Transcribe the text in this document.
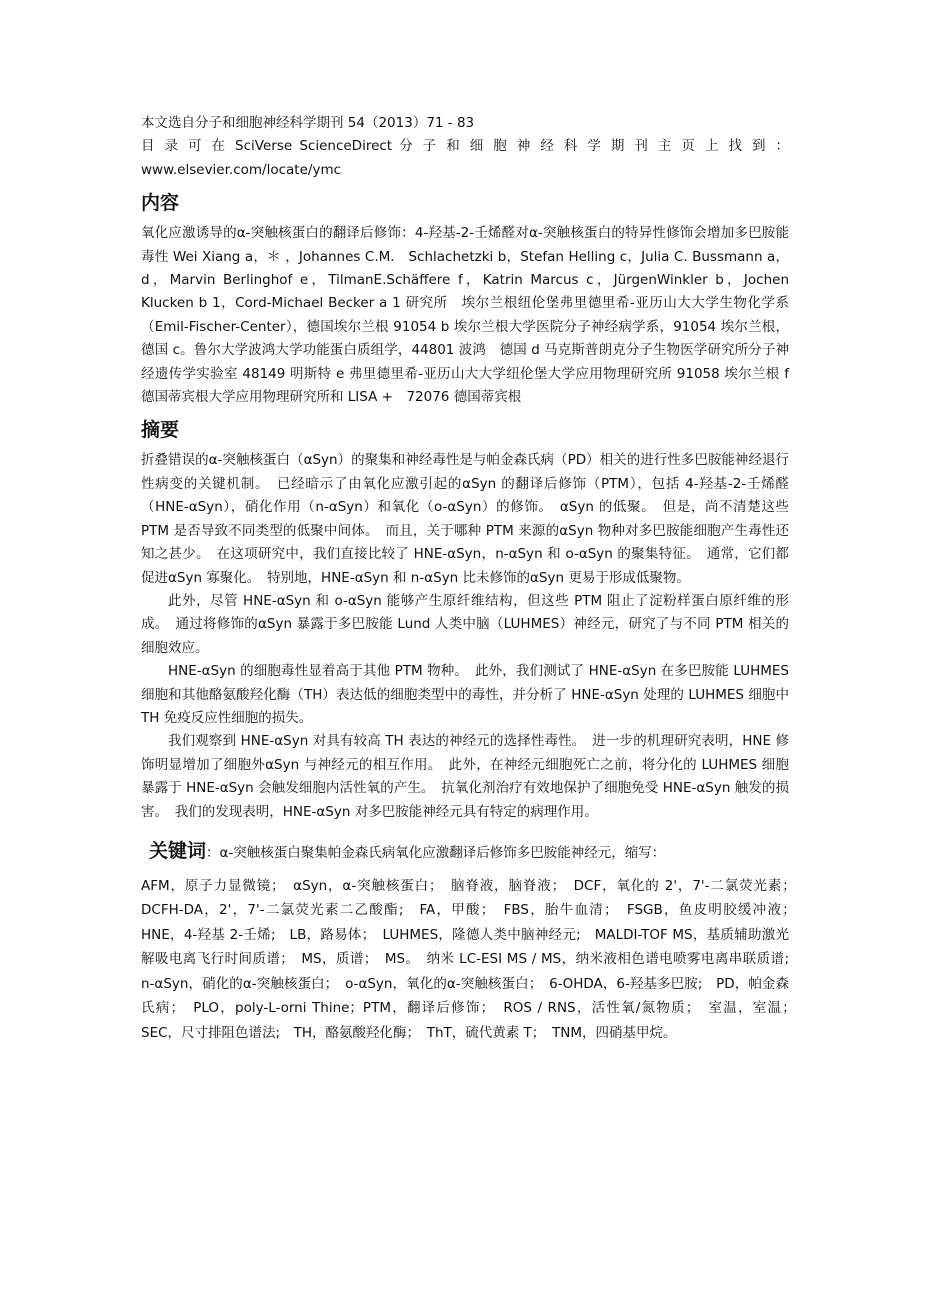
本文选自分子和细胞神经科学期刊 54（2013）71 ‑ 83

目 录 可 在 SciVerse ScienceDirect 分 子 和 细 胞 神 经 科 学 期 刊 主 页 上 找 到 ：

www.elsevier.com/locate/ymc

内容

氧化应激诱导的α-突触核蛋白的翻译后修饰：4-羟基-2-壬烯醛对α-突触核蛋白的特异性修饰会增加多巴胺能毒性 Wei Xiang a，＊ ，Johannes C.M.　Schlachetzki b，Stefan Helling c，Julia C. Bussmann a，d，Marvin Berlinghof e，TilmanE.Schäffere f，Katrin Marcus c，JürgenWinkler b，Jochen Klucken b 1，Cord-Michael Becker a 1 研究所　埃尔兰根纽伦堡弗里德里希-亚历山大大学生物化学系（Emil-Fischer-Center），德国埃尔兰根 91054 b 埃尔兰根大学医院分子神经病学系，91054 埃尔兰根，德国 c。鲁尔大学波鸿大学功能蛋白质组学，44801 波鸿　德国 d 马克斯普朗克分子生物医学研究所分子神经遗传学实验室 48149 明斯特 e 弗里德里希-亚历山大大学纽伦堡大学应用物理研究所 91058 埃尔兰根 f 德国蒂宾根大学应用物理研究所和 LISA +　72076 德国蒂宾根

摘要

折叠错误的α-突触核蛋白（αSyn）的聚集和神经毒性是与帕金森氏病（PD）相关的进行性多巴胺能神经退行性病变的关键机制。　已经暗示了由氧化应激引起的αSyn 的翻译后修饰（PTM），包括 4-羟基-2-壬烯醛（HNE-αSyn），硝化作用（n-αSyn）和氧化（o-αSyn）的修饰。　αSyn 的低聚。　但是，尚不清楚这些 PTM 是否导致不同类型的低聚中间体。　而且，关于哪种 PTM 来源的αSyn 物种对多巴胺能细胞产生毒性还知之甚少。　在这项研究中，我们直接比较了 HNE-αSyn，n-αSyn 和 o-αSyn 的聚集特征。　通常，它们都促进αSyn 寡聚化。　特别地，HNE-αSyn 和 n-αSyn 比未修饰的αSyn 更易于形成低聚物。

此外，尽管 HNE-αSyn 和 o-αSyn 能够产生原纤维结构，但这些 PTM 阻止了淀粉样蛋白原纤维的形成。　通过将修饰的αSyn 暴露于多巴胺能 Lund 人类中脑（LUHMES）神经元，研究了与不同 PTM 相关的细胞效应。

HNE-αSyn 的细胞毒性显着高于其他 PTM 物种。　此外，我们测试了 HNE-αSyn 在多巴胺能 LUHMES 细胞和其他酪氨酸羟化酶（TH）表达低的细胞类型中的毒性，并分析了 HNE-αSyn 处理的 LUHMES 细胞中 TH 免疫反应性细胞的损失。

我们观察到 HNE-αSyn 对具有较高 TH 表达的神经元的选择性毒性。　进一步的机理研究表明，HNE 修饰明显增加了细胞外αSyn 与神经元的相互作用。　此外，在神经元细胞死亡之前，将分化的 LUHMES 细胞暴露于 HNE-αSyn 会触发细胞内活性氧的产生。　抗氧化剂治疗有效地保护了细胞免受 HNE-αSyn 触发的损害。　我们的发现表明，HNE-αSyn 对多巴胺能神经元具有特定的病理作用。

关键词：α-突触核蛋白聚集帕金森氏病氧化应激翻译后修饰多巴胺能神经元，缩写：

AFM，原子力显微镜；　αSyn，α-突触核蛋白；　脑脊液，脑脊液；　DCF，氧化的 2'，7'-二氯荧光素；　DCFH-DA，2'，7'-二氯荧光素二乙酸酯;　FA，甲酸；　FBS，胎牛血清；　FSGB，鱼皮明胶缓冲液；　HNE，4-羟基 2-壬烯;　LB，路易体；　LUHMES，隆德人类中脑神经元;　MALDI-TOF MS，基质辅助激光解吸电离飞行时间质谱；　MS，质谱；　MS。　纳米 LC-ESI MS / MS，纳米液相色谱电喷雾电离串联质谱;　n-αSyn，硝化的α-突触核蛋白；　o-αSyn，氧化的α-突触核蛋白；　6-OHDA，6-羟基多巴胺;　PD，帕金森氏病；　PLO，poly-L-orni Thine；PTM，翻译后修饰；　ROS / RNS，活性氧/氮物质；　室温，室温；　SEC，尺寸排阻色谱法;　TH，酪氨酸羟化酶；　ThT，硫代黄素 T；　TNM，四硝基甲烷。
